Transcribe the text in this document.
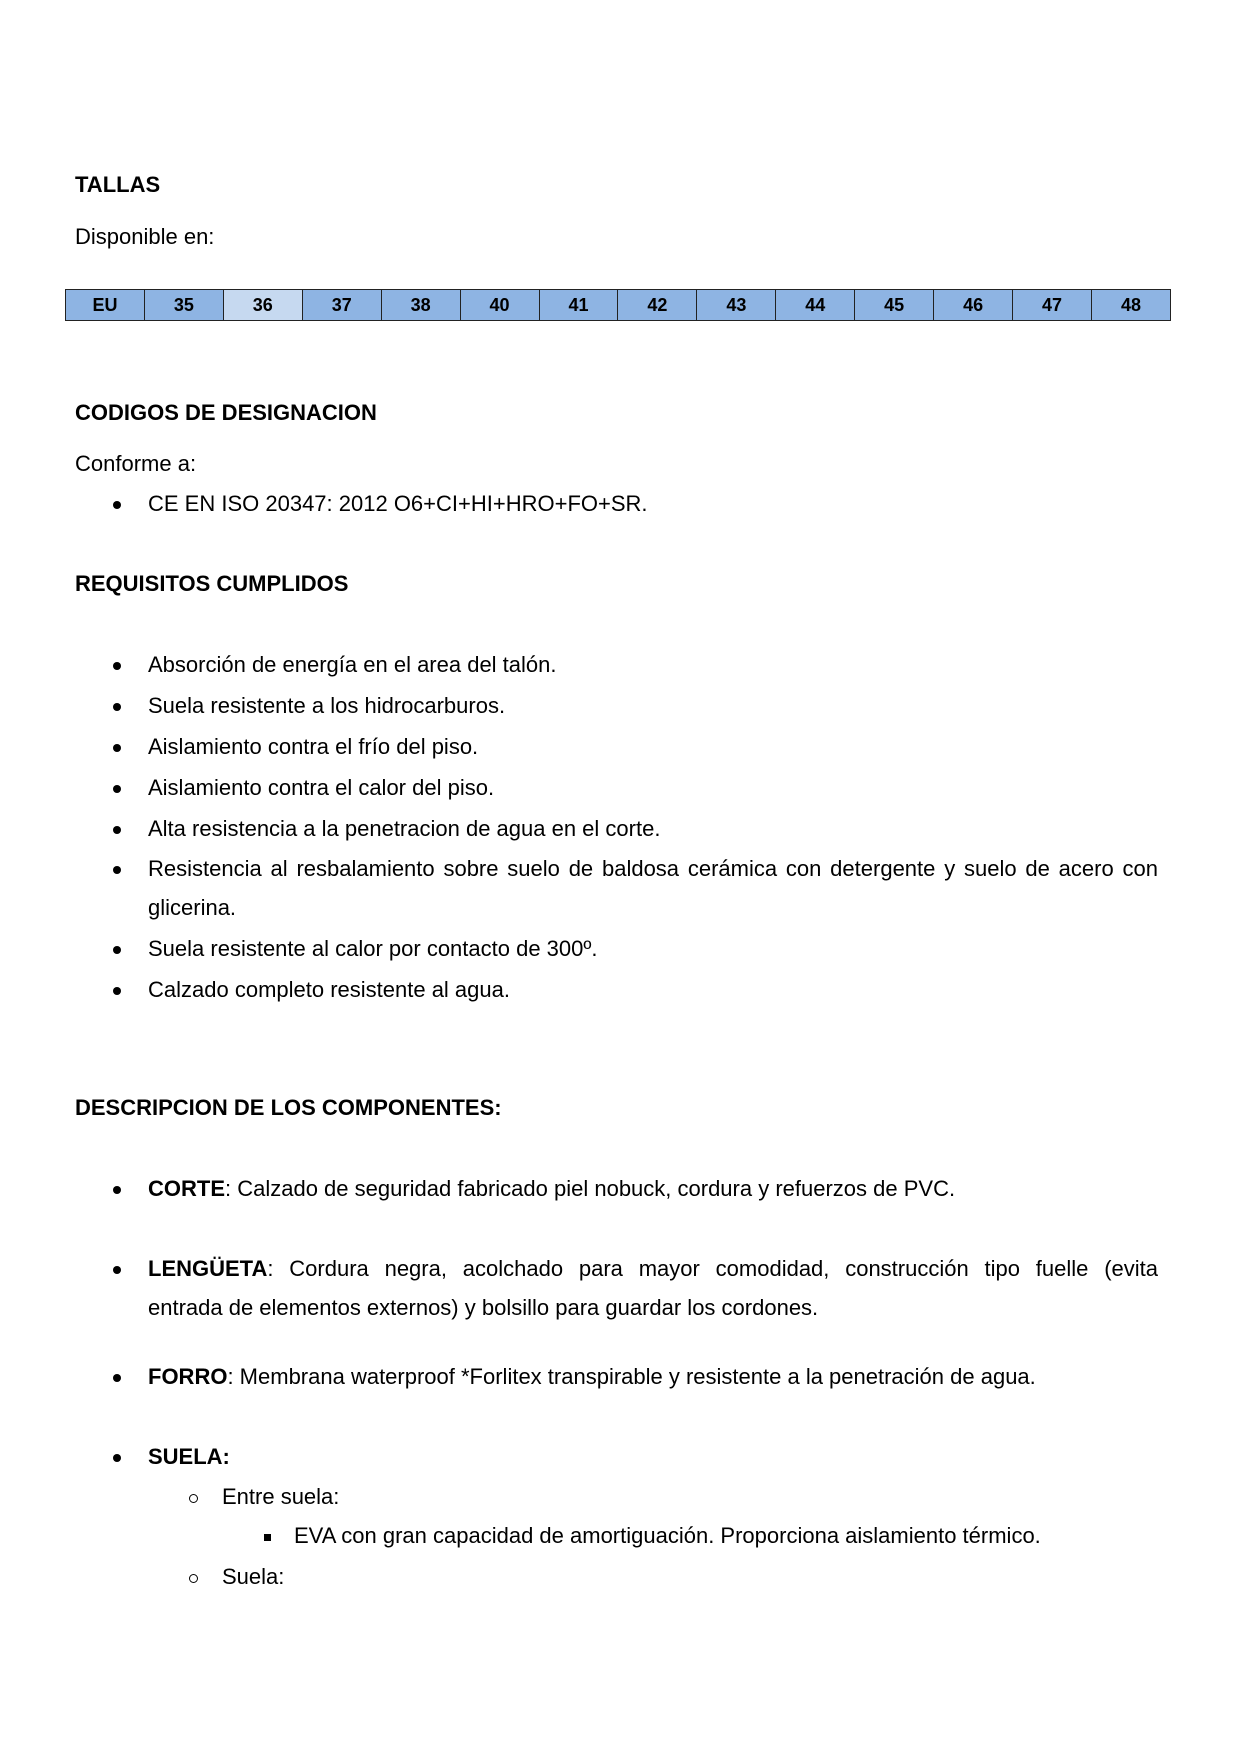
TALLAS
Disponible en:
EU	35	36	37	38	40	41	42	43	44	45	46	47	48
CODIGOS DE DESIGNACION
Conforme a:
CE EN ISO 20347: 2012 O6+CI+HI+HRO+FO+SR.
REQUISITOS CUMPLIDOS
Absorción de energía en el area del talón.
Suela resistente a los hidrocarburos.
Aislamiento contra el frío del piso.
Aislamiento contra el calor del piso.
Alta resistencia a la penetracion de agua en el corte.
Resistencia al resbalamiento sobre suelo de baldosa cerámica con detergente y suelo de acero con
glicerina.
Suela resistente al calor por contacto de 300º.
Calzado completo resistente al agua.
DESCRIPCION DE LOS COMPONENTES:
CORTE: Calzado de seguridad fabricado piel nobuck, cordura y refuerzos de PVC.
LENGÜETA: Cordura negra, acolchado para mayor comodidad, construcción tipo fuelle (evita
entrada de elementos externos) y bolsillo para guardar los cordones.
FORRO: Membrana waterproof *Forlitex transpirable y resistente a la penetración de agua.
SUELA:
Entre suela:
EVA con gran capacidad de amortiguación. Proporciona aislamiento térmico.
Suela:
